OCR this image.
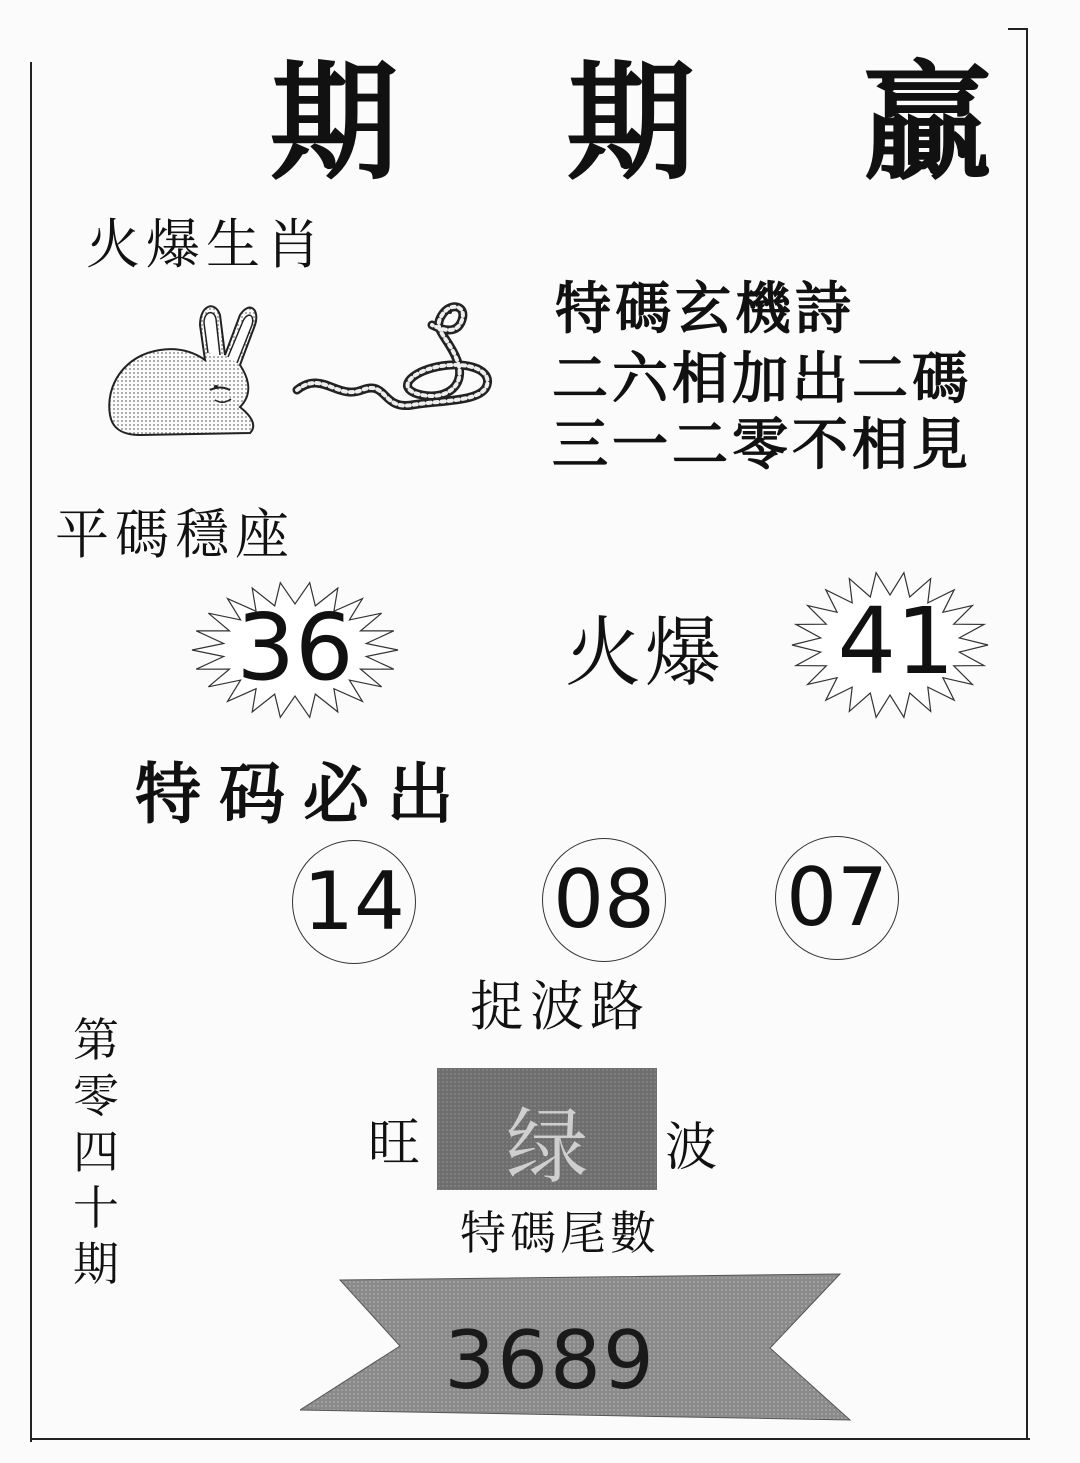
期 期 贏
火爆生肖
特碼玄機詩
二六相加出二碼
三一二零不相見
平碼穩座
36	火爆	41
特码必出
14 08 07
捉波路
旺	绿	波
特碼尾數
3689
第零四十期
